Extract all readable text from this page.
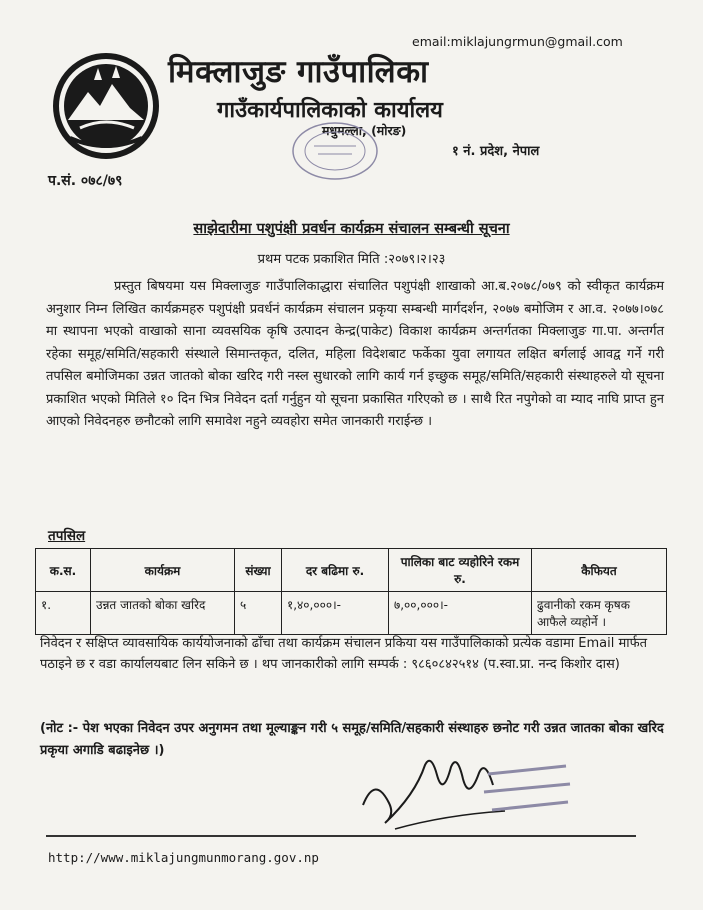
email:miklajungrmun@gmail.com
मिक्लाजुङ गाउँपालिका
गाउँकार्यपालिकाको कार्यालय
मधुमल्ला, (मोरङ)
१ नं. प्रदेश, नेपाल
प.सं. ०७८/७९
साझेदारीमा पशुपंक्षी प्रवर्धन कार्यक्रम संचालन सम्बन्धी सूचना
प्रथम पटक प्रकाशित मिति :२०७९।२।२३
प्रस्तुत बिषयमा यस मिक्लाजुङ गाउँपालिकाद्धारा संचालित पशुपंक्षी शाखाको आ.ब.२०७८/०७९ को स्वीकृत कार्यक्रम अनुशार निम्न लिखित कार्यक्रमहरु पशुपंक्षी प्रवर्धनं कार्यक्रम संचालन प्रकृया सम्बन्धी मार्गदर्शन, २०७७ बमोजिम र आ.व. २०७७।०७८ मा स्थापना भएको वाखाको साना व्यवसयिक कृषि उत्पादन केन्द्र(पाकेट) विकाश कार्यक्रम अन्तर्गतका मिक्लाजुङ गा.पा. अन्तर्गत रहेका समूह/समिति/सहकारी संस्थाले सिमान्तकृत, दलित, महिला विदेशबाट फर्केका युवा लगायत लक्षित बर्गलाई आवद्व गर्ने गरी तपसिल बमोजिमका उन्नत जातको बोका खरिद गरी नस्ल सुधारको लागि कार्य गर्न इच्छुक समूह/समिति/सहकारी संस्थाहरुले यो सूचना प्रकाशित भएको मितिले १० दिन भित्र निवेदन दर्ता गर्नुहुन यो सूचना प्रकासित गरिएको छ । साथै रित नपुगेको वा म्याद नाघि प्राप्त हुन आएको निवेदनहरु छनौटको लागि समावेश नहुने व्यवहोरा समेत जानकारी गराईन्छ ।
तपसिल
क.स.	कार्यक्रम	संख्या	दर बढिमा रु.	पालिका बाट व्यहोरिने रकम रु.	कैफियत
१.	उन्नत जातको बोका खरिद	५	१,४०,०००।-	७,००,०००।-	ढुवानीको रकम कृषक आफैले व्यहोर्ने ।
निवेदन र सक्षिप्त व्यावसायिक कार्ययोजनाको ढाँचा तथा कार्यक्रम संचालन प्रकिया यस गाउँपालिकाको प्रत्येक वडामा Email मार्फत पठाइने छ र वडा कार्यालयबाट लिन सकिने छ । थप जानकारीको लागि सम्पर्क : ९८६०८४२५१४ (प.स्वा.प्रा. नन्द किशोर दास)
(नोट :- पेश भएका निवेदन उपर अनुगमन तथा मूल्याङ्कन गरी ५ समूह/समिति/सहकारी संस्थाहरु छनोट गरी उन्नत जातका बोका खरिद प्रकृया अगाडि बढाइनेछ ।)
http://www.miklajungmunmorang.gov.np
